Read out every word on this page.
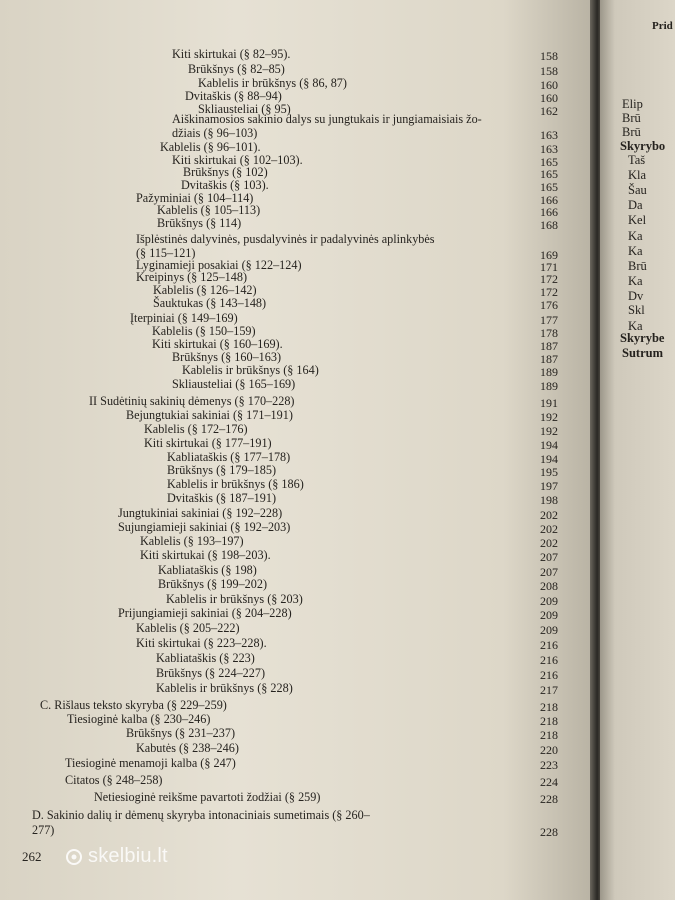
Kiti skirtukai (§ 82–95).	158
Brūkšnys (§ 82–85)	158
Kablelis ir brūkšnys (§ 86, 87)	160
Dvitaškis (§ 88–94)	160
Skliausteliai (§ 95)	162
Aiškinamosios sakinio dalys su jungtukais ir jungiamaisiais žo-
džiais (§ 96–103)	163
Kablelis (§ 96–101).	163
Kiti skirtukai (§ 102–103).	165
Brūkšnys (§ 102)	165
Dvitaškis (§ 103).	165
Pažyminiai (§ 104–114)	166
Kablelis (§ 105–113)	166
Brūkšnys (§ 114)	168
Išplėstinės dalyvinės, pusdalyvinės ir padalyvinės aplinkybės
(§ 115–121)	169
Lyginamieji posakiai (§ 122–124)	171
Kreipinys (§ 125–148)	172
Kablelis (§ 126–142)	172
Šauktukas (§ 143–148)	176
Įterpiniai (§ 149–169)	177
Kablelis (§ 150–159)	178
Kiti skirtukai (§ 160–169).	187
Brūkšnys (§ 160–163)	187
Kablelis ir brūkšnys (§ 164)	189
Skliausteliai (§ 165–169)	189
II Sudėtinių sakinių dėmenys (§ 170–228)	191
Bejungtukiai sakiniai (§ 171–191)	192
Kablelis (§ 172–176)	192
Kiti skirtukai (§ 177–191)	194
Kabliataškis (§ 177–178)	194
Brūkšnys (§ 179–185)	195
Kablelis ir brūkšnys (§ 186)	197
Dvitaškis (§ 187–191)	198
Jungtukiniai sakiniai (§ 192–228)	202
Sujungiamieji sakiniai (§ 192–203)	202
Kablelis (§ 193–197)	202
Kiti skirtukai (§ 198–203).	207
Kabliataškis (§ 198)	207
Brūkšnys (§ 199–202)	208
Kablelis ir brūkšnys (§ 203)	209
Prijungiamieji sakiniai (§ 204–228)	209
Kablelis (§ 205–222)	209
Kiti skirtukai (§ 223–228).	216
Kabliataškis (§ 223)	216
Brūkšnys (§ 224–227)	216
Kablelis ir brūkšnys (§ 228)	217
C. Rišlaus teksto skyryba (§ 229–259)	218
Tiesioginė kalba (§ 230–246)	218
Brūkšnys (§ 231–237)	218
Kabutės (§ 238–246)	220
Tiesioginė menamoji kalba (§ 247)	223
Citatos (§ 248–258)	224
Netiesioginė reikšme pavartoti žodžiai (§ 259)	228
D. Sakinio dalių ir dėmenų skyryba intonaciniais sumetimais (§ 260–
277)	228
262
Prid
Elip
Brū
Brū
Skyrybo
Taš
Kla
Šau
Da
Kel
Ka
Ka
Brū
Ka
Dv
Skl
Ka
Skyrybe
Sutrum
skelbiu.lt
